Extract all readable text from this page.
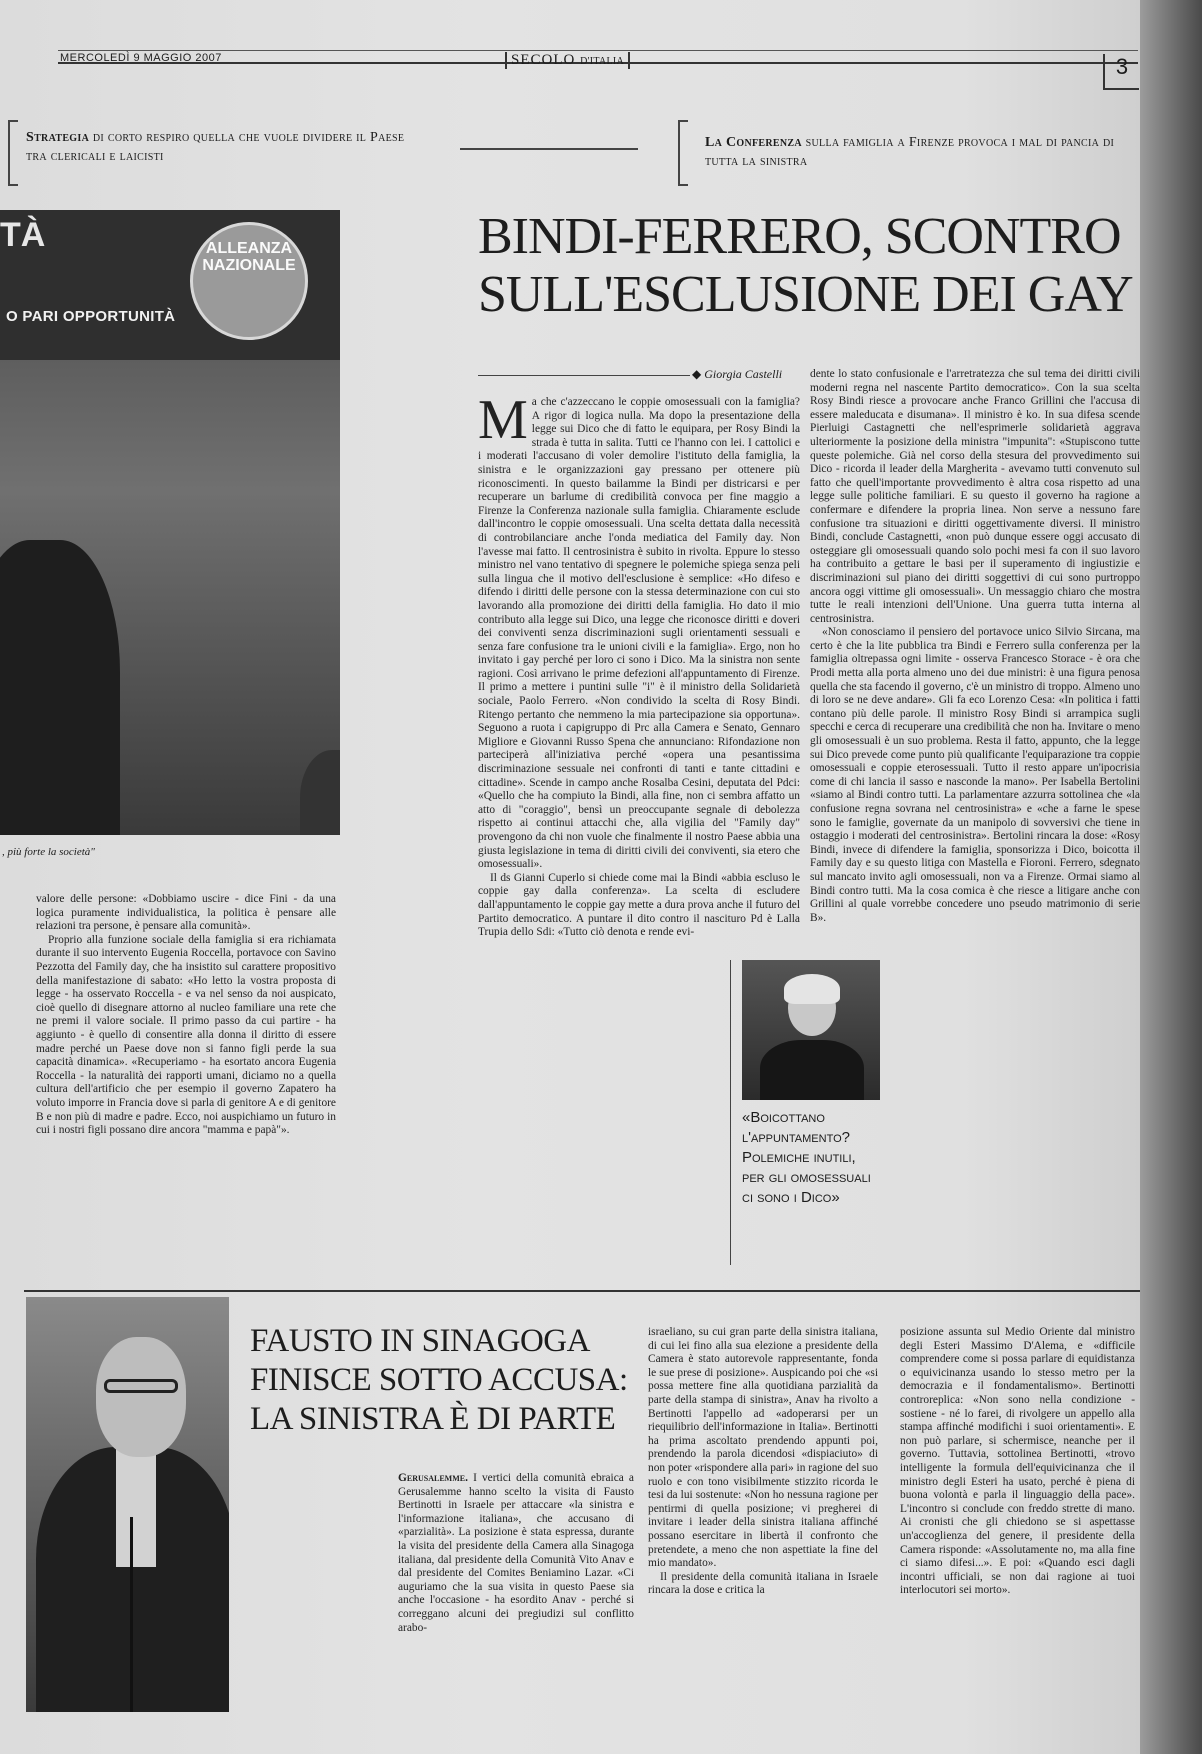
MERCOLEDÌ 9 MAGGIO 2007	SECOLO D'ITALIA	3
Strategia di corto respiro quella che vuole dividere il Paese tra clericali e laicisti
La Conferenza sulla famiglia a Firenze provoca i mal di pancia di tutta la sinistra
TÀ	ALLEANZA NAZIONALE
O PARI OPPORTUNITÀ
, più forte la società"
BINDI-FERRERO, SCONTRO SULL'ESCLUSIONE DEI GAY
◆ Giorgia Castelli

Ma che c'azzeccano le coppie omosessuali con la famiglia? A rigor di logica nulla. Ma dopo la presentazione della legge sui Dico che di fatto le equipara, per Rosy Bindi la strada è tutta in salita. Tutti ce l'hanno con lei. I cattolici e i moderati l'accusano di voler demolire l'istituto della famiglia, la sinistra e le organizzazioni gay pressano per ottenere più riconoscimenti. In questo bailamme la Bindi per districarsi e per recuperare un barlume di credibilità convoca per fine maggio a Firenze la Conferenza nazionale sulla famiglia. Chiaramente esclude dall'incontro le coppie omosessuali. Una scelta dettata dalla necessità di controbilanciare anche l'onda mediatica del Family day. Non l'avesse mai fatto. Il centrosinistra è subito in rivolta. Eppure lo stesso ministro nel vano tentativo di spegnere le polemiche spiega senza peli sulla lingua che il motivo dell'esclusione è semplice: «Ho difeso e difendo i diritti delle persone con la stessa determinazione con cui sto lavorando alla promozione dei diritti della famiglia. Ho dato il mio contributo alla legge sui Dico, una legge che riconosce diritti e doveri dei conviventi senza discriminazioni sugli orientamenti sessuali e senza fare confusione tra le unioni civili e la famiglia». Ergo, non ho invitato i gay perché per loro ci sono i Dico. Ma la sinistra non sente ragioni. Così arrivano le prime defezioni all'appuntamento di Firenze. Il primo a mettere i puntini sulle "i" è il ministro della Solidarietà sociale, Paolo Ferrero. «Non condivido la scelta di Rosy Bindi. Ritengo pertanto che nemmeno la mia partecipazione sia opportuna». Seguono a ruota i capigruppo di Prc alla Camera e Senato, Gennaro Migliore e Giovanni Russo Spena che annunciano: Rifondazione non parteciperà all'iniziativa perché «opera una pesantissima discriminazione sessuale nei confronti di tanti e tante cittadini e cittadine». Scende in campo anche Rosalba Cesini, deputata del Pdci: «Quello che ha compiuto la Bindi, alla fine, non ci sembra affatto un atto di "coraggio", bensì un preoccupante segnale di debolezza rispetto ai continui attacchi che, alla vigilia del "Family day" provengono da chi non vuole che finalmente il nostro Paese abbia una giusta legislazione in tema di diritti civili dei conviventi, sia etero che omosessuali».

Il ds Gianni Cuperlo si chiede come mai la Bindi «abbia escluso le coppie gay dalla conferenza». La scelta di escludere dall'appuntamento le coppie gay mette a dura prova anche il futuro del Partito democratico. A puntare il dito contro il nascituro Pd è Lalla Trupia dello Sdi: «Tutto ciò denota e rende evi-

dente lo stato confusionale e l'arretratezza che sul tema dei diritti civili moderni regna nel nascente Partito democratico». Con la sua scelta Rosy Bindi riesce a provocare anche Franco Grillini che l'accusa di essere maleducata e disumana». Il ministro è ko. In sua difesa scende Pierluigi Castagnetti che nell'esprimerle solidarietà aggrava ulteriormente la posizione della ministra "impunita": «Stupiscono tutte queste polemiche. Già nel corso della stesura del provvedimento sui Dico - ricorda il leader della Margherita - avevamo tutti convenuto sul fatto che quell'importante provvedimento è altra cosa rispetto ad una legge sulle politiche familiari. E su questo il governo ha ragione a confermare e difendere la propria linea. Non serve a nessuno fare confusione tra situazioni e diritti oggettivamente diversi. Il ministro Bindi, conclude Castagnetti, «non può dunque essere oggi accusato di osteggiare gli omosessuali quando solo pochi mesi fa con il suo lavoro ha contribuito a gettare le basi per il superamento di ingiustizie e discriminazioni sul piano dei diritti soggettivi di cui sono purtroppo ancora oggi vittime gli omosessuali». Un messaggio chiaro che mostra tutte le reali intenzioni dell'Unione. Una guerra tutta interna al centrosinistra.

«Non conosciamo il pensiero del portavoce unico Silvio Sircana, ma certo è che la lite pubblica tra Bindi e Ferrero sulla conferenza per la famiglia oltrepassa ogni limite - osserva Francesco Storace - è ora che Prodi metta alla porta almeno uno dei due ministri: è una figura penosa quella che sta facendo il governo, c'è un ministro di troppo. Almeno uno di loro se ne deve andare». Gli fa eco Lorenzo Cesa: «In politica i fatti contano più delle parole. Il ministro Rosy Bindi si arrampica sugli specchi e cerca di recuperare una credibilità che non ha. Invitare o meno gli omosessuali è un suo problema. Resta il fatto, appunto, che la legge sui Dico prevede come punto più qualificante l'equiparazione tra coppie omosessuali e coppie eterosessuali. Tutto il resto appare un'ipocrisia come di chi lancia il sasso e nasconde la mano». Per Isabella Bertolini «siamo al Bindi contro tutti. La parlamentare azzurra sottolinea che «la confusione regna sovrana nel centrosinistra» e «che a farne le spese sono le famiglie, governate da un manipolo di sovversivi che tiene in ostaggio i moderati del centrosinistra». Bertolini rincara la dose: «Rosy Bindi, invece di difendere la famiglia, sponsorizza i Dico, boicotta il Family day e su questo litiga con Mastella e Fioroni. Ferrero, sdegnato sul mancato invito agli omosessuali, non va a Firenze. Ormai siamo al Bindi contro tutti. Ma la cosa comica è che riesce a litigare anche con Grillini al quale vorrebbe concedere uno pseudo matrimonio di serie B».

«Boicottano l'appuntamento? Polemiche inutili, per gli omosessuali ci sono i Dico»

valore delle persone: «Dobbiamo uscire - dice Fini - da una logica puramente individualistica, la politica è pensare alle relazioni tra persone, è pensare alla comunità».

Proprio alla funzione sociale della famiglia si era richiamata durante il suo intervento Eugenia Roccella, portavoce con Savino Pezzotta del Family day, che ha insistito sul carattere propositivo della manifestazione di sabato: «Ho letto la vostra proposta di legge - ha osservato Roccella - e va nel senso da noi auspicato, cioè quello di disegnare attorno al nucleo familiare una rete che ne premi il valore sociale. Il primo passo da cui partire - ha aggiunto - è quello di consentire alla donna il diritto di essere madre perché un Paese dove non si fanno figli perde la sua capacità dinamica». «Recuperiamo - ha esortato ancora Eugenia Roccella - la naturalità dei rapporti umani, diciamo no a quella cultura dell'artificio che per esempio il governo Zapatero ha voluto imporre in Francia dove si parla di genitore A e di genitore B e non più di madre e padre. Ecco, noi auspichiamo un futuro in cui i nostri figli possano dire ancora "mamma e papà"».

FAUSTO IN SINAGOGA FINISCE SOTTO ACCUSA: LA SINISTRA È DI PARTE

Gerusalemme. I vertici della comunità ebraica a Gerusalemme hanno scelto la visita di Fausto Bertinotti in Israele per attaccare «la sinistra e l'informazione italiana», che accusano di «parzialità». La posizione è stata espressa, durante la visita del presidente della Camera alla Sinagoga italiana, dal presidente della Comunità Vito Anav e dal presidente del Comites Beniamino Lazar. «Ci auguriamo che la sua visita in questo Paese sia anche l'occasione - ha esordito Anav - perché si correggano alcuni dei pregiudizi sul conflitto arabo-

israeliano, su cui gran parte della sinistra italiana, di cui lei fino alla sua elezione a presidente della Camera è stato autorevole rappresentante, fonda le sue prese di posizione». Auspicando poi che «si possa mettere fine alla quotidiana parzialità da parte della stampa di sinistra», Anav ha rivolto a Bertinotti l'appello ad «adoperarsi per un riequilibrio dell'informazione in Italia». Bertinotti ha prima ascoltato prendendo appunti poi, prendendo la parola dicendosi «dispiaciuto» di non poter «rispondere alla pari» in ragione del suo ruolo e con tono visibilmente stizzito ricorda le tesi da lui sostenute: «Non ho nessuna ragione per pentirmi di quella posizione; vi pregherei di invitare i leader della sinistra italiana affinché possano esercitare in libertà il confronto che pretendete, a meno che non aspettiate la fine del mio mandato».

Il presidente della comunità italiana in Israele rincara la dose e critica la

posizione assunta sul Medio Oriente dal ministro degli Esteri Massimo D'Alema, e «difficile comprendere come si possa parlare di equidistanza o equivicinanza usando lo stesso metro per la democrazia e il fondamentalismo». Bertinotti controreplica: «Non sono nella condizione - sostiene - né lo farei, di rivolgere un appello alla stampa affinché modifichi i suoi orientamenti». E non può parlare, si schermisce, neanche per il governo. Tuttavia, sottolinea Bertinotti, «trovo intelligente la formula dell'equivicinanza che il ministro degli Esteri ha usato, perché è piena di buona volontà e parla il linguaggio della pace». L'incontro si conclude con freddo strette di mano. Ai cronisti che gli chiedono se si aspettasse un'accoglienza del genere, il presidente della Camera risponde: «Assolutamente no, ma alla fine ci siamo difesi...». E poi: «Quando esci dagli incontri ufficiali, se non dai ragione ai tuoi interlocutori sei morto».
